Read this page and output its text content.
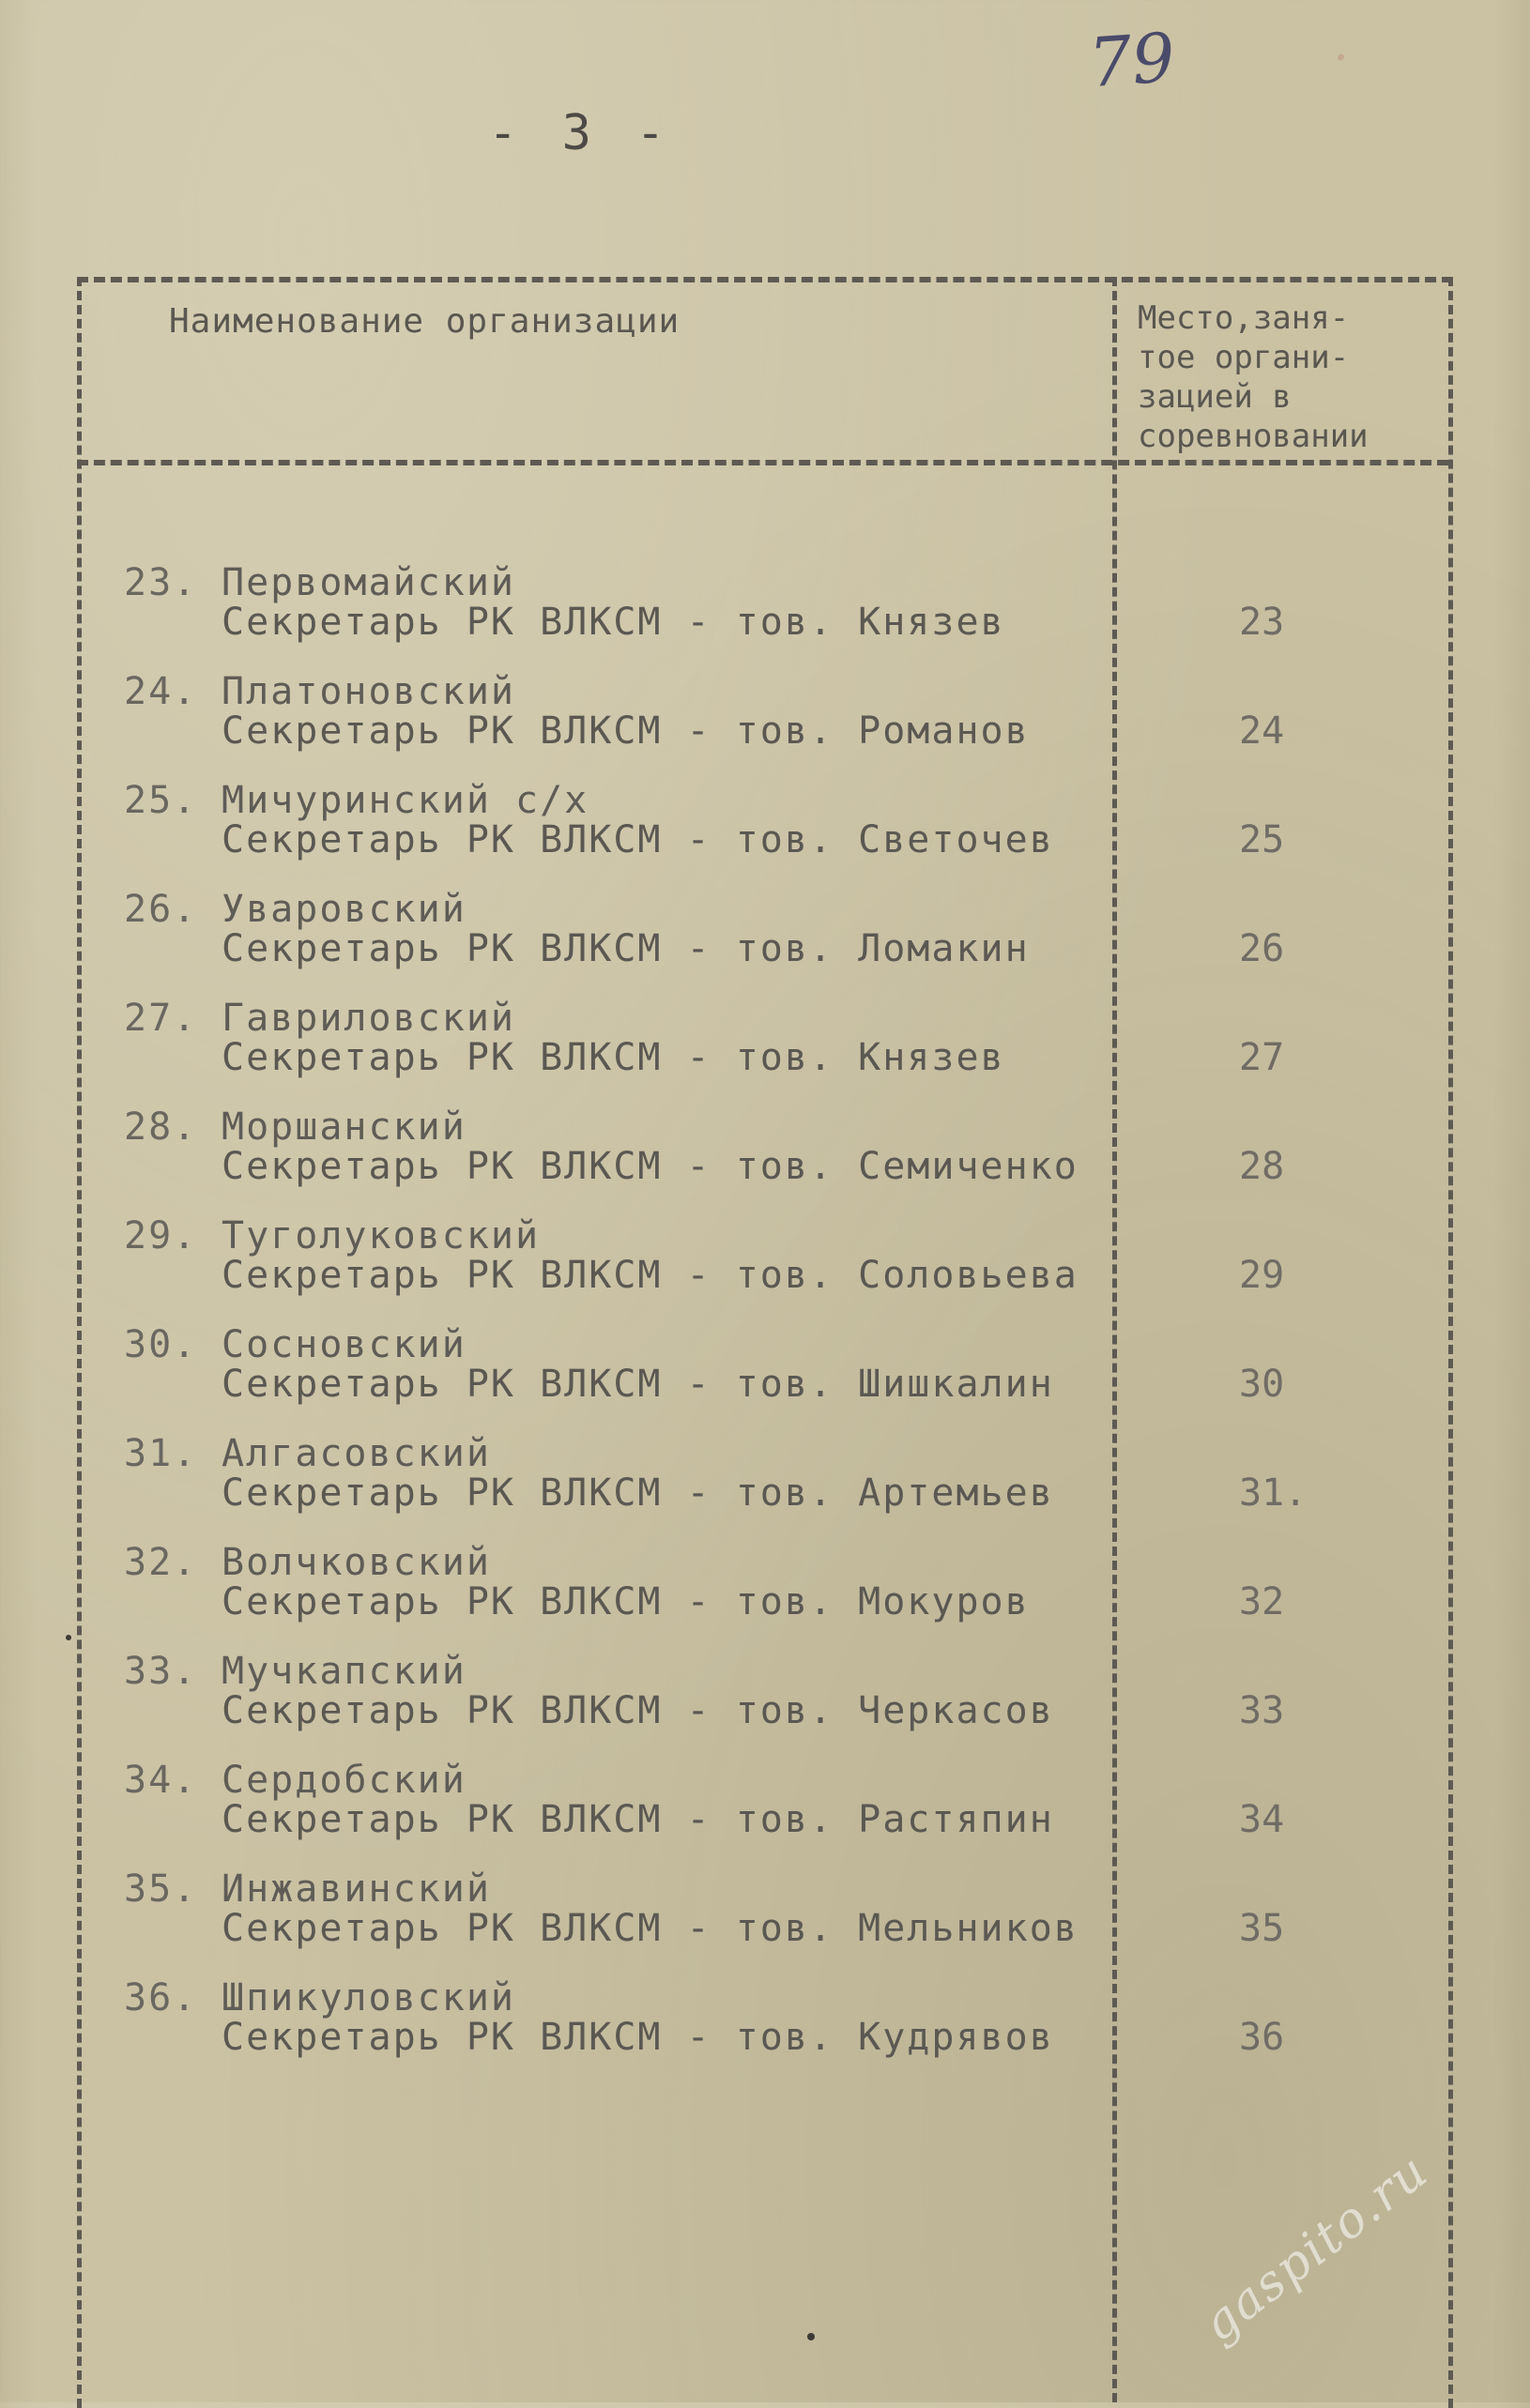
- 3 -
79	·
Наименование организации	Место,заня-
тое органи-
зацией в
соревновании
23. Первомайский
Секретарь РК ВЛКСМ - тов. Князев	23
24. Платоновский
Секретарь РК ВЛКСМ - тов. Романов	24
25. Мичуринский с/х
Секретарь РК ВЛКСМ - тов. Светочев	25
26. Уваровский
Секретарь РК ВЛКСМ - тов. Ломакин	26
27. Гавриловский
Секретарь РК ВЛКСМ - тов. Князев	27
28. Моршанский
Секретарь РК ВЛКСМ - тов. Семиченко	28
29. Туголуковский
Секретарь РК ВЛКСМ - тов. Соловьева	29
30. Сосновский
Секретарь РК ВЛКСМ - тов. Шишкалин	30
31. Алгасовский
Секретарь РК ВЛКСМ - тов. Артемьев	31.
32. Волчковский
Секретарь РК ВЛКСМ - тов. Мокуров	32
33. Мучкапский
Секретарь РК ВЛКСМ - тов. Черкасов	33
34. Сердобский
Секретарь РК ВЛКСМ - тов. Растяпин	34
35. Инжавинский
Секретарь РК ВЛКСМ - тов. Мельников	35
36. Шпикуловский
Секретарь РК ВЛКСМ - тов. Кудрявов	36
gaspito.ru
